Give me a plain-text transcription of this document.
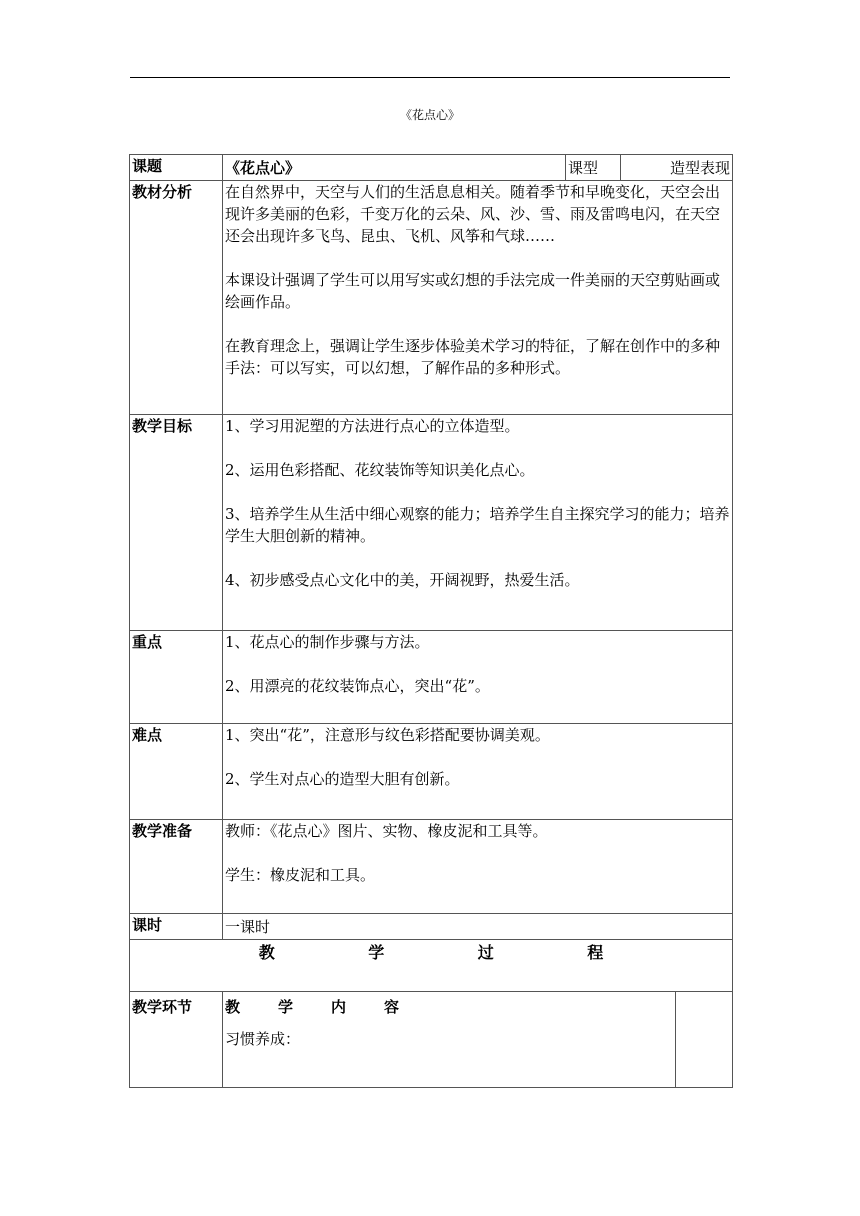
《花点心》
课题	《花点心》	课型	造型表现	
教材分析	在自然界中，天空与人们的生活息息相关。随着季节和早晚变化，天空会出现许多美丽的色彩，千变万化的云朵、风、沙、雪、雨及雷鸣电闪，在天空还会出现许多飞鸟、昆虫、飞机、风筝和气球……

本课设计强调了学生可以用写实或幻想的手法完成一件美丽的天空剪贴画或绘画作品。

在教育理念上，强调让学生逐步体验美术学习的特征，了解在创作中的多种手法：可以写实，可以幻想，了解作品的多种形式。			

教学目标	1、学习用泥塑的方法进行点心的立体造型。

2、运用色彩搭配、花纹装饰等知识美化点心。

3、培养学生从生活中细心观察的能力；培养学生自主探究学习的能力；培养学生大胆创新的精神。

4、初步感受点心文化中的美，开阔视野，热爱生活。			

重点	1、花点心的制作步骤与方法。

2、用漂亮的花纹装饰点心，突出“花”。			

难点	1、突出“花”，注意形与纹色彩搭配要协调美观。

2、学生对点心的造型大胆有创新。			

教学准备	教师：《花点心》图片、实物、橡皮泥和工具等。

学生：橡皮泥和工具。			

课时	一课时			

教 学 过 程				

教学环节	教 学 内 容

习惯养成：			
